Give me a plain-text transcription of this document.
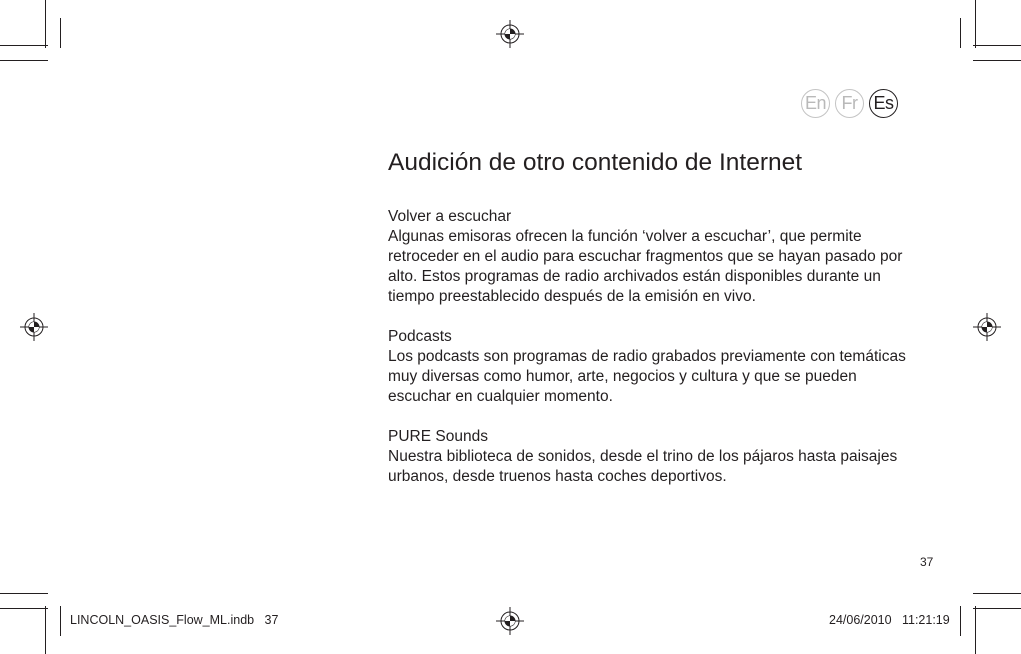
En Fr Es
Audición de otro contenido de Internet
Volver a escuchar
Algunas emisoras ofrecen la función ‘volver a escuchar’, que permite retroceder en el audio para escuchar fragmentos que se hayan pasado por alto. Estos programas de radio archivados están disponibles durante un tiempo preestablecido después de la emisión en vivo.
Podcasts
Los podcasts son programas de radio grabados previamente con temáticas muy diversas como humor, arte, negocios y cultura y que se pueden escuchar en cualquier momento.
PURE Sounds
Nuestra biblioteca de sonidos, desde el trino de los pájaros hasta paisajes urbanos, desde truenos hasta coches deportivos.
37
LINCOLN_OASIS_Flow_ML.indb   37	24/06/2010   11:21:19
